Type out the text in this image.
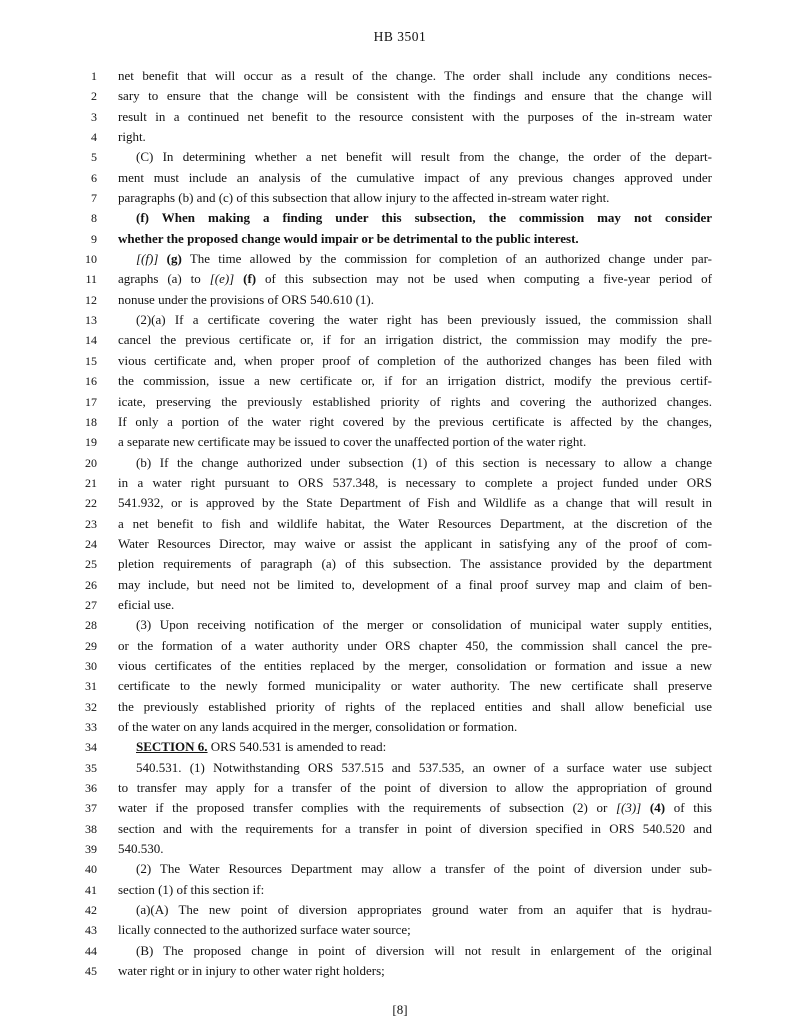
HB 3501
1 net benefit that will occur as a result of the change. The order shall include any conditions neces-
2 sary to ensure that the change will be consistent with the findings and ensure that the change will
3 result in a continued net benefit to the resource consistent with the purposes of the in-stream water
4 right.
5	(C) In determining whether a net benefit will result from the change, the order of the depart-
6 ment must include an analysis of the cumulative impact of any previous changes approved under
7 paragraphs (b) and (c) of this subsection that allow injury to the affected in-stream water right.
8	(f) When making a finding under this subsection, the commission may not consider
9 whether the proposed change would impair or be detrimental to the public interest.
10	[(f)] (g) The time allowed by the commission for completion of an authorized change under par-
11 agraphs (a) to [(e)] (f) of this subsection may not be used when computing a five-year period of
12 nonuse under the provisions of ORS 540.610 (1).
13	(2)(a) If a certificate covering the water right has been previously issued, the commission shall
14 cancel the previous certificate or, if for an irrigation district, the commission may modify the pre-
15 vious certificate and, when proper proof of completion of the authorized changes has been filed with
16 the commission, issue a new certificate or, if for an irrigation district, modify the previous certif-
17 icate, preserving the previously established priority of rights and covering the authorized changes.
18 If only a portion of the water right covered by the previous certificate is affected by the changes,
19 a separate new certificate may be issued to cover the unaffected portion of the water right.
20	(b) If the change authorized under subsection (1) of this section is necessary to allow a change
21 in a water right pursuant to ORS 537.348, is necessary to complete a project funded under ORS
22 541.932, or is approved by the State Department of Fish and Wildlife as a change that will result in
23 a net benefit to fish and wildlife habitat, the Water Resources Department, at the discretion of the
24 Water Resources Director, may waive or assist the applicant in satisfying any of the proof of com-
25 pletion requirements of paragraph (a) of this subsection. The assistance provided by the department
26 may include, but need not be limited to, development of a final proof survey map and claim of ben-
27 eficial use.
28	(3) Upon receiving notification of the merger or consolidation of municipal water supply entities,
29 or the formation of a water authority under ORS chapter 450, the commission shall cancel the pre-
30 vious certificates of the entities replaced by the merger, consolidation or formation and issue a new
31 certificate to the newly formed municipality or water authority. The new certificate shall preserve
32 the previously established priority of rights of the replaced entities and shall allow beneficial use
33 of the water on any lands acquired in the merger, consolidation or formation.
34	SECTION 6. ORS 540.531 is amended to read:
35	540.531. (1) Notwithstanding ORS 537.515 and 537.535, an owner of a surface water use subject
36 to transfer may apply for a transfer of the point of diversion to allow the appropriation of ground
37 water if the proposed transfer complies with the requirements of subsection (2) or [(3)] (4) of this
38 section and with the requirements for a transfer in point of diversion specified in ORS 540.520 and
39 540.530.
40	(2) The Water Resources Department may allow a transfer of the point of diversion under sub-
41 section (1) of this section if:
42	(a)(A) The new point of diversion appropriates ground water from an aquifer that is hydrau-
43 lically connected to the authorized surface water source;
44	(B) The proposed change in point of diversion will not result in enlargement of the original
45 water right or in injury to other water right holders;
[8]
